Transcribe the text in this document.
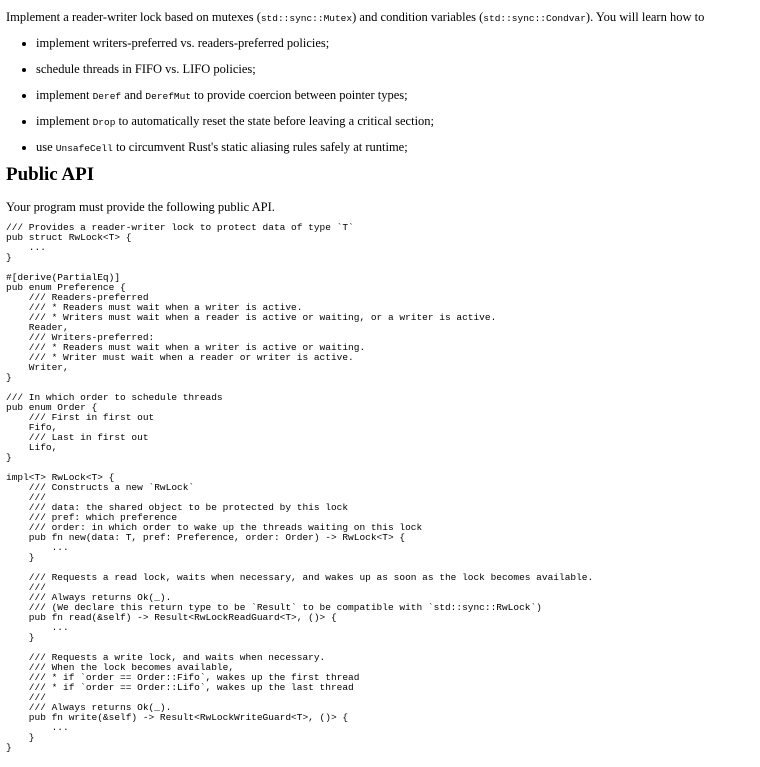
Implement a reader-writer lock based on mutexes (std::sync::Mutex) and condition variables (std::sync::Condvar). You will learn how to

• implement writers-preferred vs. readers-preferred policies;
• schedule threads in FIFO vs. LIFO policies;
• implement Deref and DerefMut to provide coercion between pointer types;
• implement Drop to automatically reset the state before leaving a critical section;
• use UnsafeCell to circumvent Rust's static aliasing rules safely at runtime;
Public API

Your program must provide the following public API.

/// Provides a reader-writer lock to protect data of type `T`
pub struct RwLock<T> {
...
}

#[derive(PartialEq)]
pub enum Preference {
/// Readers-preferred
/// * Readers must wait when a writer is active.
/// * Writers must wait when a reader is active or waiting, or a writer is active.
Reader,
/// Writers-preferred:
/// * Readers must wait when a writer is active or waiting.
/// * Writer must wait when a reader or writer is active.
Writer,
}

/// In which order to schedule threads
pub enum Order {
/// First in first out
Fifo,
/// Last in first out
Lifo,
}

impl<T> RwLock<T> {
/// Constructs a new `RwLock`
///
/// data: the shared object to be protected by this lock
/// pref: which preference
/// order: in which order to wake up the threads waiting on this lock
pub fn new(data: T, pref: Preference, order: Order) -> RwLock<T> {
...
}

/// Requests a read lock, waits when necessary, and wakes up as soon as the lock becomes available.
///
/// Always returns Ok(_).
/// (We declare this return type to be `Result` to be compatible with `std::sync::RwLock`)
pub fn read(&self) -> Result<RwLockReadGuard<T>, ()> {
...
}

/// Requests a write lock, and waits when necessary.
/// When the lock becomes available,
/// * if `order == Order::Fifo`, wakes up the first thread
/// * if `order == Order::Lifo`, wakes up the last thread
///
/// Always returns Ok(_).
pub fn write(&self) -> Result<RwLockWriteGuard<T>, ()> {
...
}
}
